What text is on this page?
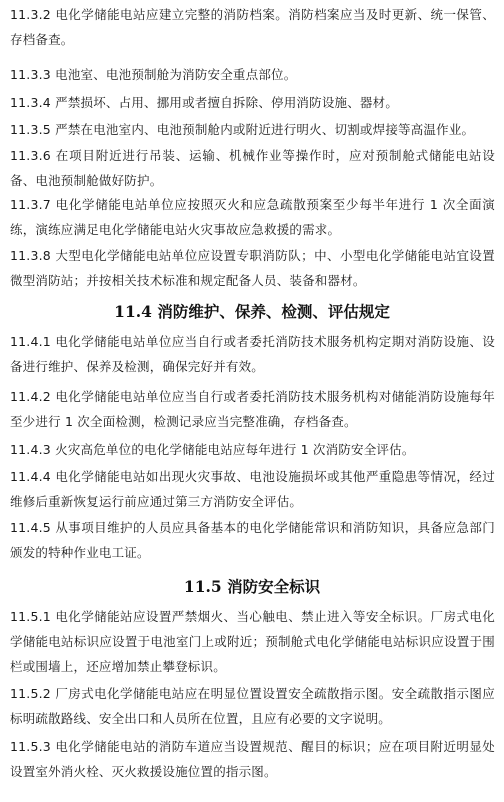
11.3.2 电化学储能电站应建立完整的消防档案。消防档案应当及时更新、统一保管、存档备查。

11.3.3 电池室、电池预制舱为消防安全重点部位。

11.3.4 严禁损坏、占用、挪用或者擅自拆除、停用消防设施、器材。

11.3.5 严禁在电池室内、电池预制舱内或附近进行明火、切割或焊接等高温作业。

11.3.6 在项目附近进行吊装、运输、机械作业等操作时，应对预制舱式储能电站设备、电池预制舱做好防护。

11.3.7 电化学储能电站单位应按照灭火和应急疏散预案至少每半年进行 1 次全面演练，演练应满足电化学储能电站火灾事故应急救援的需求。

11.3.8 大型电化学储能电站单位应设置专职消防队；中、小型电化学储能电站宜设置微型消防站；并按相关技术标准和规定配备人员、装备和器材。

11.4 消防维护、保养、检测、评估规定

11.4.1 电化学储能电站单位应当自行或者委托消防技术服务机构定期对消防设施、设备进行维护、保养及检测，确保完好并有效。

11.4.2 电化学储能电站单位应当自行或者委托消防技术服务机构对储能消防设施每年至少进行 1 次全面检测，检测记录应当完整准确，存档备查。

11.4.3 火灾高危单位的电化学储能电站应每年进行 1 次消防安全评估。

11.4.4 电化学储能电站如出现火灾事故、电池设施损坏或其他严重隐患等情况，经过维修后重新恢复运行前应通过第三方消防安全评估。

11.4.5 从事项目维护的人员应具备基本的电化学储能常识和消防知识，具备应急部门颁发的特种作业电工证。

11.5 消防安全标识

11.5.1 电化学储能站应设置严禁烟火、当心触电、禁止进入等安全标识。厂房式电化学储能电站标识应设置于电池室门上或附近；预制舱式电化学储能电站标识应设置于围栏或围墙上，还应增加禁止攀登标识。

11.5.2 厂房式电化学储能电站应在明显位置设置安全疏散指示图。安全疏散指示图应标明疏散路线、安全出口和人员所在位置，且应有必要的文字说明。

11.5.3 电化学储能电站的消防车道应当设置规范、醒目的标识；应在项目附近明显处设置室外消火栓、灭火救援设施位置的指示图。
